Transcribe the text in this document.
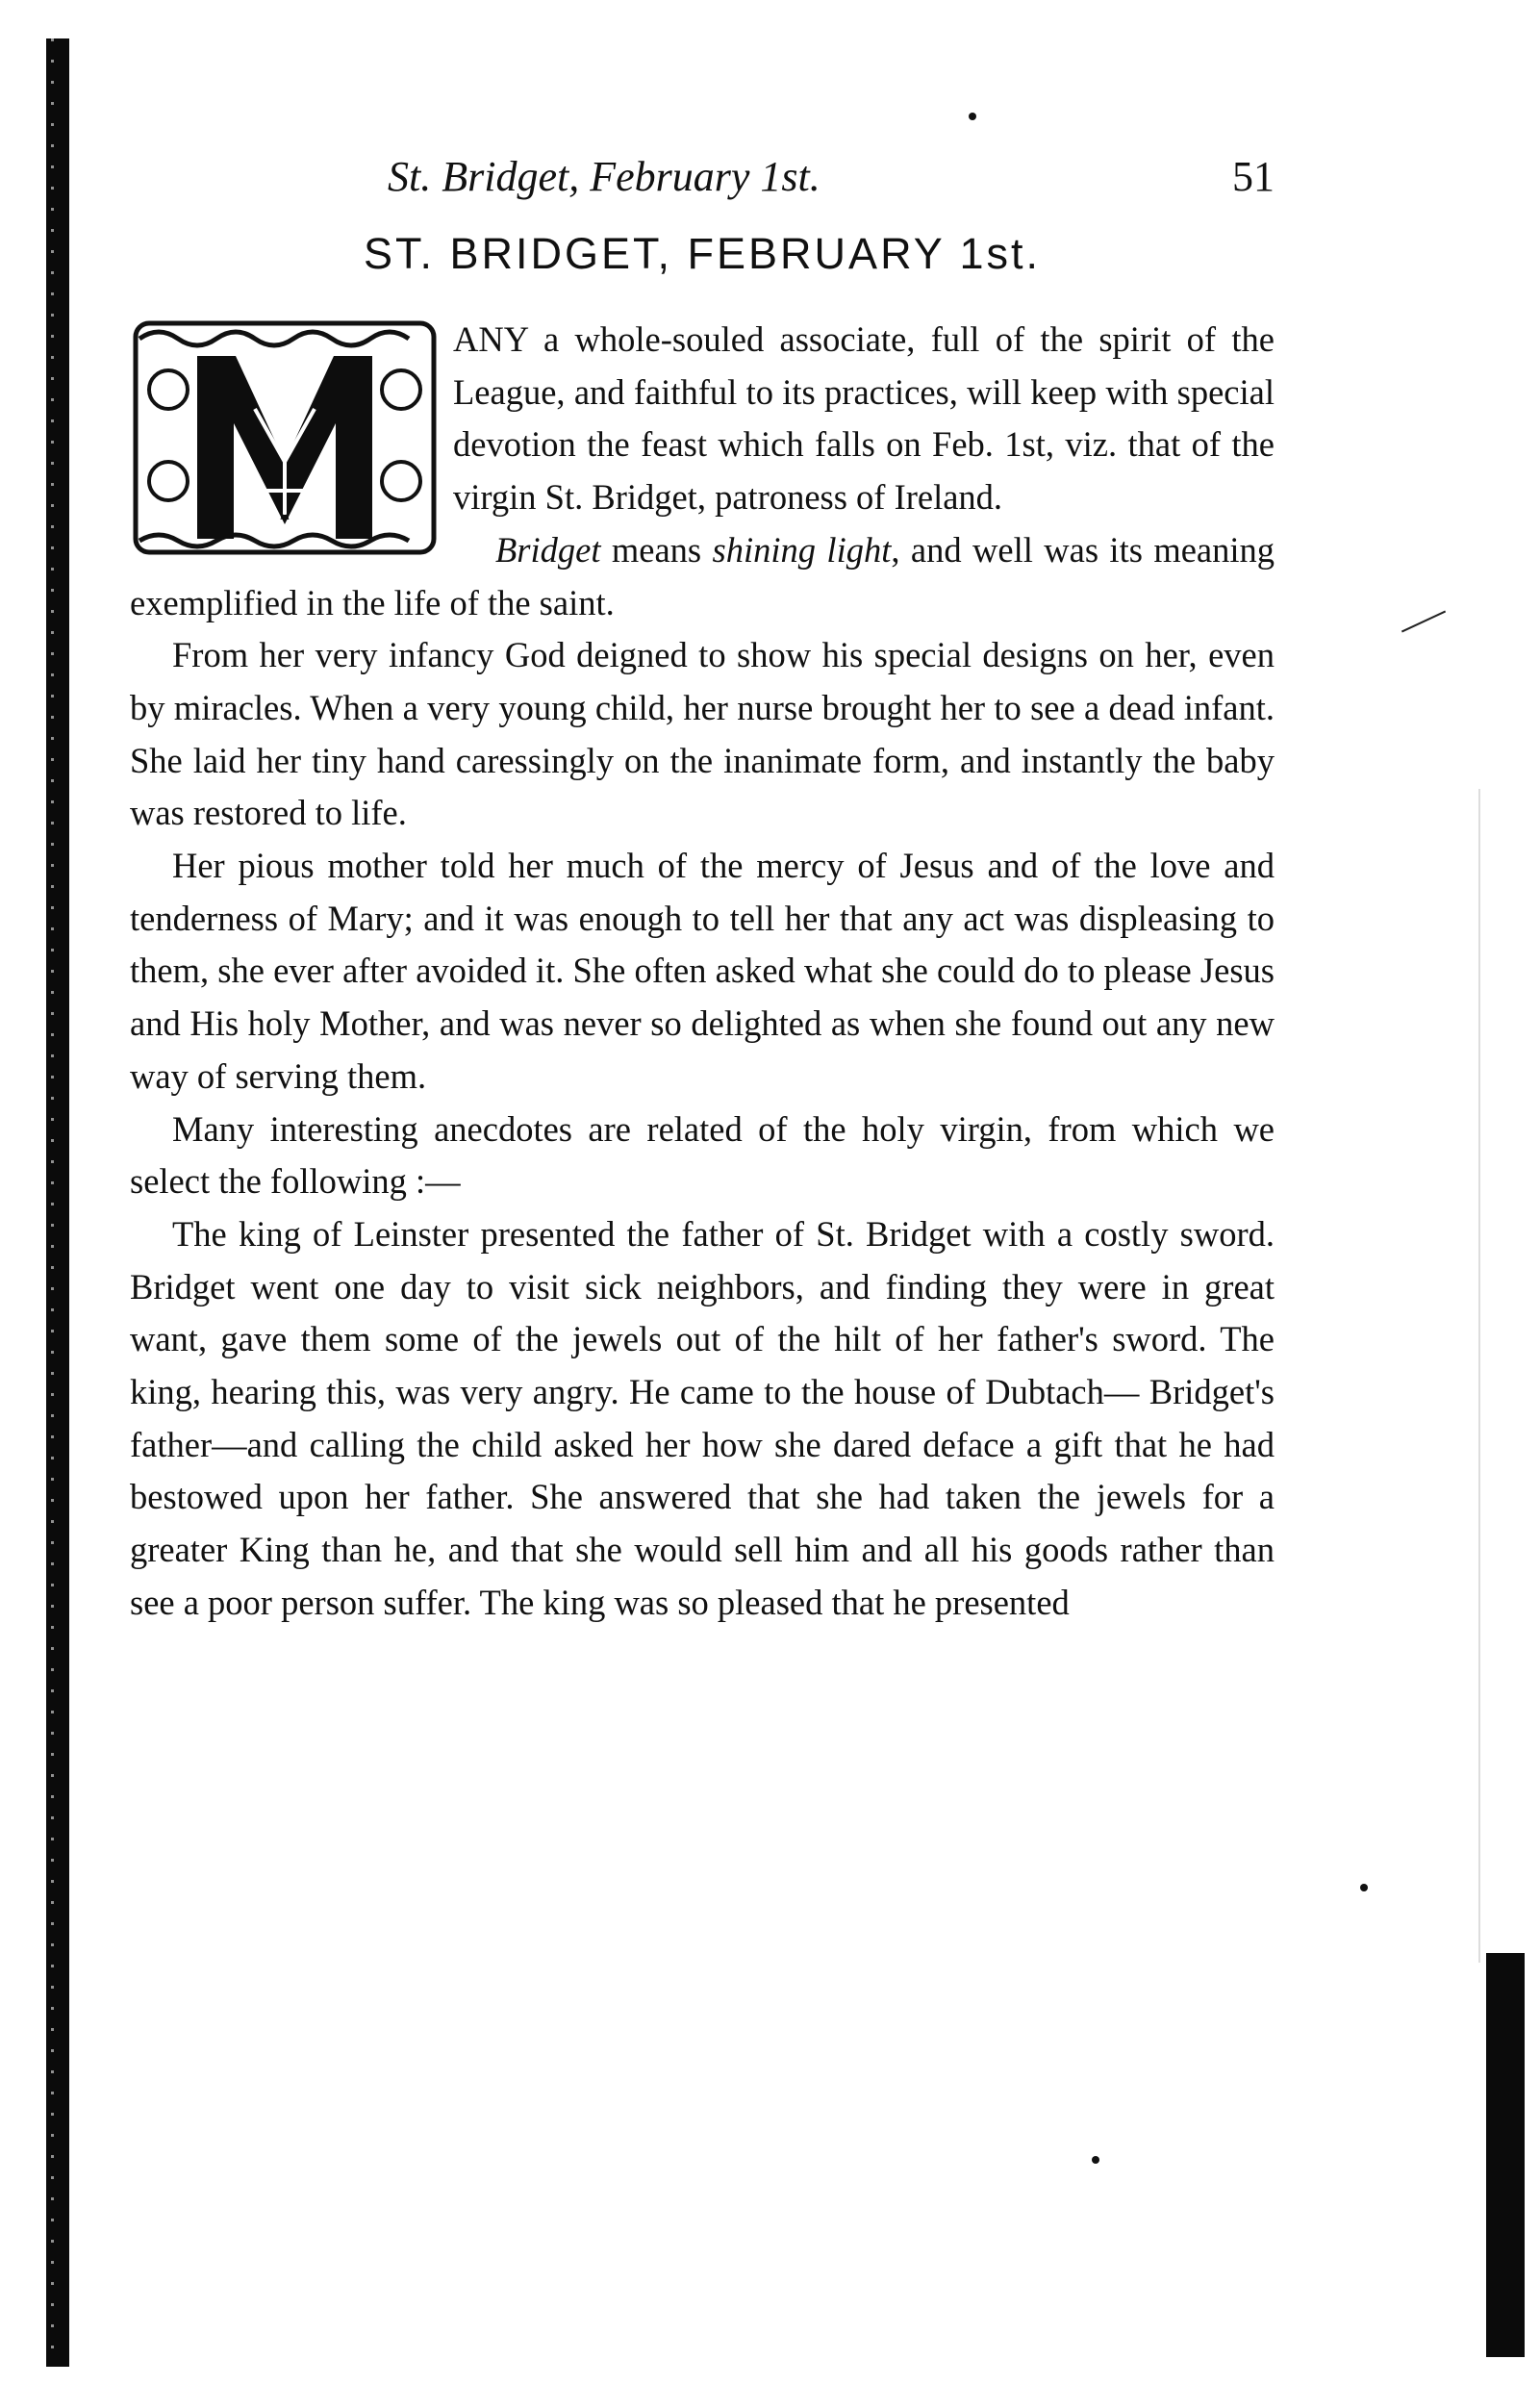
St. Bridget, February 1st.	51
ST. BRIDGET, FEBRUARY 1st.

M
ANY a whole-souled associate, full of the spirit of the League, and faithful to its practices, will keep with special devotion the feast which falls on Feb. 1st, viz. that of the virgin St. Bridget, patroness of Ireland.

Bridget means shining light, and well was its meaning exemplified in the life of the saint.

From her very infancy God deigned to show his special designs on her, even by miracles. When a very young child, her nurse brought her to see a dead infant. She laid her tiny hand caressingly on the inanimate form, and instantly the baby was restored to life.

Her pious mother told her much of the mercy of Jesus and of the love and tenderness of Mary; and it was enough to tell her that any act was displeasing to them, she ever after avoided it. She often asked what she could do to please Jesus and His holy Mother, and was never so delighted as when she found out any new way of serving them.

Many interesting anecdotes are related of the holy virgin, from which we select the following :—

The king of Leinster presented the father of St. Bridget with a costly sword. Bridget went one day to visit sick neighbors, and finding they were in great want, gave them some of the jewels out of the hilt of her father's sword. The king, hearing this, was very angry. He came to the house of Dubtach— Bridget's father—and calling the child asked her how she dared deface a gift that he had bestowed upon her father. She answered that she had taken the jewels for a greater King than he, and that she would sell him and all his goods rather than see a poor person suffer. The king was so pleased that he presented
